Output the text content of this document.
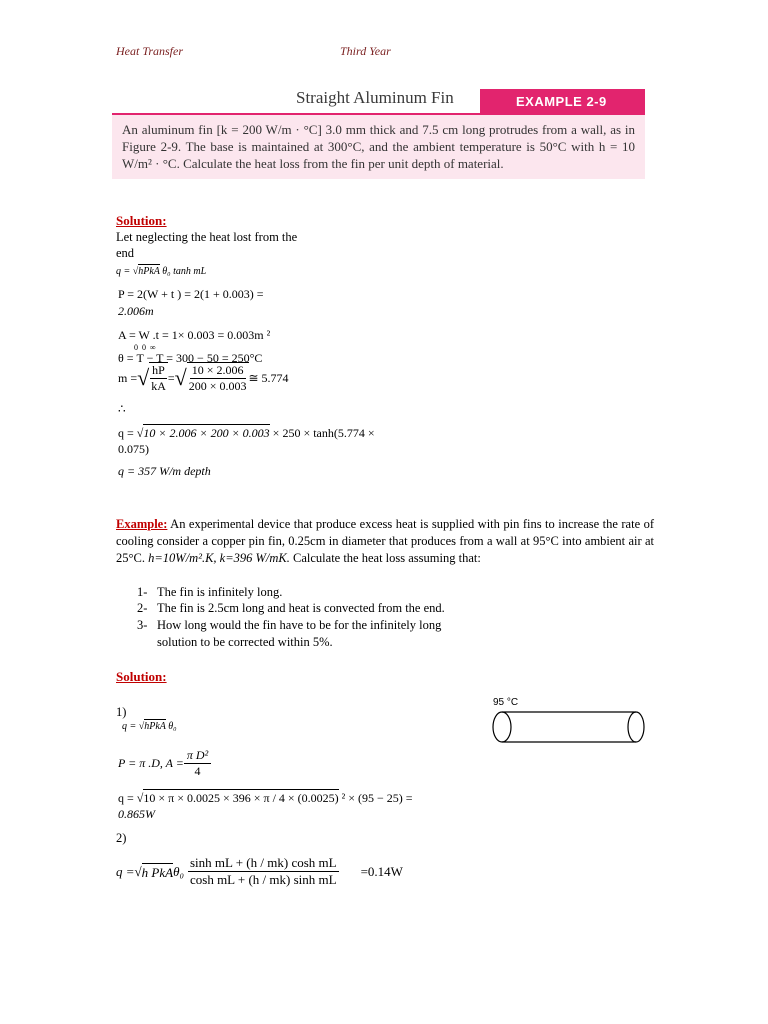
Heat Transfer	Third Year
Straight Aluminum Fin	EXAMPLE 2-9
An aluminum fin [k = 200 W/m · °C] 3.0 mm thick and 7.5 cm long protrudes from a wall, as in Figure 2-9. The base is maintained at 300°C, and the ambient temperature is 50°C with h = 10 W/m² · °C. Calculate the heat loss from the fin per unit depth of material.
Solution:
Let neglecting the heat lost from the
end
q = √hPkA θ₀ tanh mL
P = 2(W + t ) = 2(1 + 0.003) =
2.006m
A = W .t = 1× 0.003 = 0.003m ²
0 0 ∞
θ = T − T = 300 − 50 = 250°C
m = √ $\frac{hP}{kA}$ = √ $\frac{10 \times 2.006}{200 \times 0.003}$ ≅ 5.774
∴
q = √10 × 2.006 × 200 × 0.003 × 250 × tanh(5.774 ×
0.075)
q = 357 W/m depth
Example: An experimental device that produce excess heat is supplied with pin fins to increase the rate of cooling consider a copper pin fin, 0.25cm in diameter that produces from a wall at 95°C into ambient air at 25°C. h=10W/m².K, k=396 W/mK. Calculate the heat loss assuming that:
1- The fin is infinitely long.
2- The fin is 2.5cm long and heat is convected from the end.
3- How long would the fin have to be for the infinitely long solution to be corrected within 5%.
Solution:
1)
q = √hPkA θ₀
P = π .D, $A = \frac{\text{π D²}}{4}$
q = √10 × π × 0.0025 × 396 × π / 4 × (0.0025) ² × (95 − 25) =
0.865W
2)
q = √ h PkA $\theta_0 \frac{\text{sinh mL + (h / mk) cosh mL}}{\text{cosh mL + (h / mk) sinh mL}} =0.14W$
95 °C
